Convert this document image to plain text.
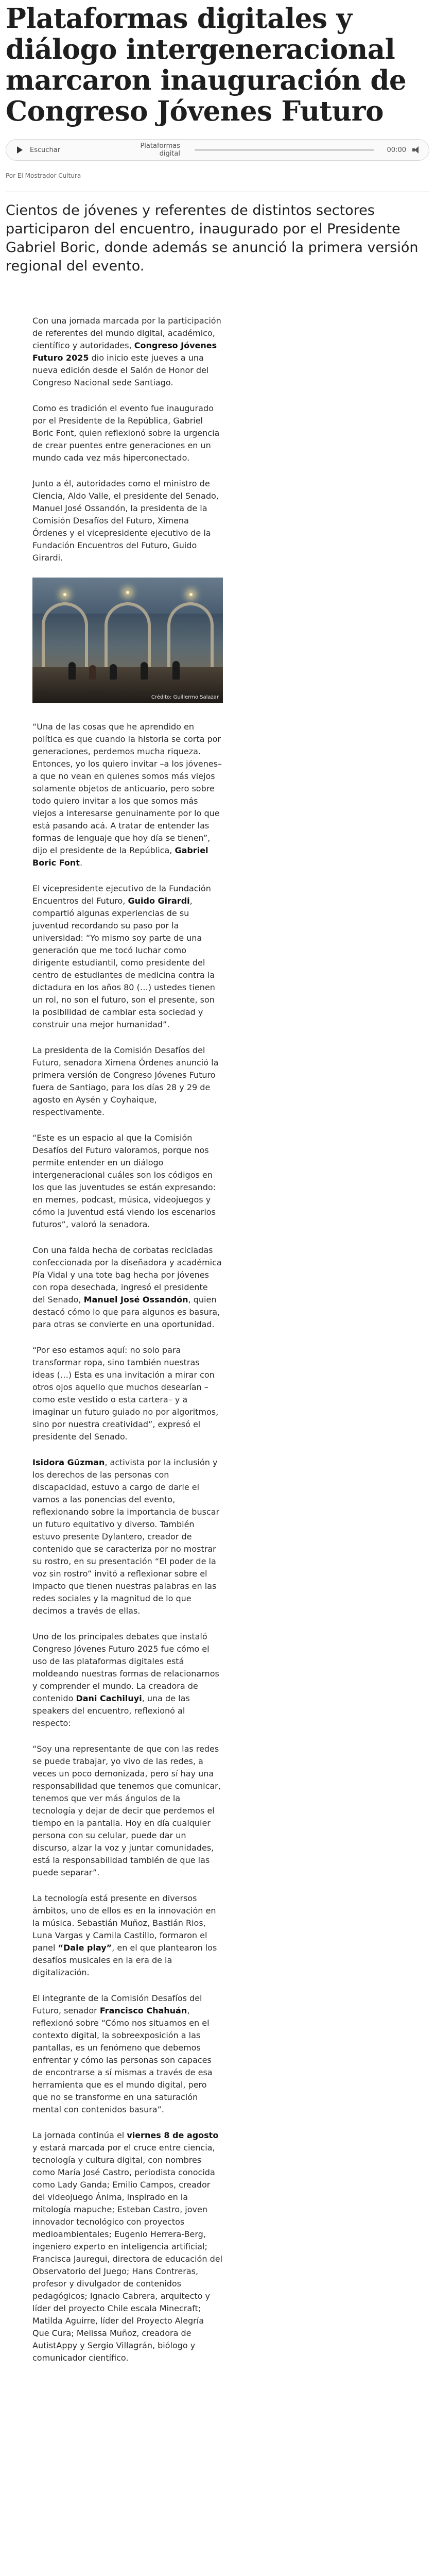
Plataformas digitales y diálogo intergeneracional marcaron inauguración de Congreso Jóvenes Futuro
Escuchar	Plataformas digital	00:00
Por El Mostrador Cultura

Cientos de jóvenes y referentes de distintos sectores participaron del encuentro, inaugurado por el Presidente Gabriel Boric, donde además se anunció la primera versión regional del evento.

Con una jornada marcada por la participación de referentes del mundo digital, académico, científico y autoridades, Congreso Jóvenes Futuro 2025 dio inicio este jueves a una nueva edición desde el Salón de Honor del Congreso Nacional sede Santiago.

Como es tradición el evento fue inaugurado por el Presidente de la República, Gabriel Boric Font, quien reflexionó sobre la urgencia de crear puentes entre generaciones en un mundo cada vez más hiperconectado.

Junto a él, autoridades como el ministro de Ciencia, Aldo Valle, el presidente del Senado, Manuel José Ossandón, la presidenta de la Comisión Desafíos del Futuro, Ximena Órdenes y el vicepresidente ejecutivo de la Fundación Encuentros del Futuro, Guido Girardi.

Crédito: Guillermo Salazar

“Una de las cosas que he aprendido en política es que cuando la historia se corta por generaciones, perdemos mucha riqueza. Entonces, yo los quiero invitar –a los jóvenes– a que no vean en quienes somos más viejos solamente objetos de anticuario, pero sobre todo quiero invitar a los que somos más viejos a interesarse genuinamente por lo que está pasando acá. A tratar de entender las formas de lenguaje que hoy día se tienen”, dijo el presidente de la República, Gabriel Boric Font.

El vicepresidente ejecutivo de la Fundación Encuentros del Futuro, Guido Girardi, compartió algunas experiencias de su juventud recordando su paso por la universidad: “Yo mismo soy parte de una generación que me tocó luchar como dirigente estudiantil, como presidente del centro de estudiantes de medicina contra la dictadura en los años 80 (…) ustedes tienen un rol, no son el futuro, son el presente, son la posibilidad de cambiar esta sociedad y construir una mejor humanidad”.

La presidenta de la Comisión Desafíos del Futuro, senadora Ximena Órdenes anunció la primera versión de Congreso Jóvenes Futuro fuera de Santiago, para los días 28 y 29 de agosto en Aysén y Coyhaique, respectivamente.

“Este es un espacio al que la Comisión Desafíos del Futuro valoramos, porque nos permite entender en un diálogo intergeneracional cuáles son los códigos en los que las juventudes se están expresando: en memes, podcast, música, videojuegos y cómo la juventud está viendo los escenarios futuros”, valoró la senadora.

Con una falda hecha de corbatas recicladas confeccionada por la diseñadora y académica Pía Vidal y una tote bag hecha por jóvenes con ropa desechada, ingresó el presidente del Senado, Manuel José Ossandón, quien destacó cómo lo que para algunos es basura, para otras se convierte en una oportunidad.

“Por eso estamos aquí: no solo para transformar ropa, sino también nuestras ideas (…) Esta es una invitación a mirar con otros ojos aquello que muchos desearían –como este vestido o esta cartera– y a imaginar un futuro guiado no por algoritmos, sino por nuestra creatividad”, expresó el presidente del Senado.

Isidora Güzman, activista por la inclusión y los derechos de las personas con discapacidad, estuvo a cargo de darle el vamos a las ponencias del evento, reflexionando sobre la importancia de buscar un futuro equitativo y diverso. También estuvo presente Dylantero, creador de contenido que se caracteriza por no mostrar su rostro, en su presentación “El poder de la voz sin rostro” invitó a reflexionar sobre el impacto que tienen nuestras palabras en las redes sociales y la magnitud de lo que decimos a través de ellas.

Uno de los principales debates que instaló Congreso Jóvenes Futuro 2025 fue cómo el uso de las plataformas digitales está moldeando nuestras formas de relacionarnos y comprender el mundo. La creadora de contenido Dani Cachiluyi, una de las speakers del encuentro, reflexionó al respecto:

“Soy una representante de que con las redes se puede trabajar, yo vivo de las redes, a veces un poco demonizada, pero sí hay una responsabilidad que tenemos que comunicar, tenemos que ver más ángulos de la tecnología y dejar de decir que perdemos el tiempo en la pantalla. Hoy en día cualquier persona con su celular, puede dar un discurso, alzar la voz y juntar comunidades, está la responsabilidad también de que las puede separar”.

La tecnología está presente en diversos ámbitos, uno de ellos es en la innovación en la música. Sebastián Muñoz, Bastián Rios, Luna Vargas y Camila Castillo, formaron el panel “Dale play”, en el que plantearon los desafíos musicales en la era de la digitalización.

El integrante de la Comisión Desafíos del Futuro, senador Francisco Chahuán, reflexionó sobre “Cómo nos situamos en el contexto digital, la sobreexposición a las pantallas, es un fenómeno que debemos enfrentar y cómo las personas son capaces de encontrarse a sí mismas a través de esa herramienta que es el mundo digital, pero que no se transforme en una saturación mental con contenidos basura”.

La jornada continúa el viernes 8 de agosto y estará marcada por el cruce entre ciencia, tecnología y cultura digital, con nombres como María José Castro, periodista conocida como Lady Ganda; Emilio Campos, creador del videojuego Ánima, inspirado en la mitología mapuche; Esteban Castro, joven innovador tecnológico con proyectos medioambientales; Eugenio Herrera-Berg, ingeniero experto en inteligencia artificial; Francisca Jauregui, directora de educación del Observatorio del Juego; Hans Contreras, profesor y divulgador de contenidos pedagógicos; Ignacio Cabrera, arquitecto y líder del proyecto Chile escala Minecraft; Matilda Aguirre, líder del Proyecto Alegría Que Cura; Melissa Muñoz, creadora de AutistAppy y Sergio Villagrán, biólogo y comunicador científico.
